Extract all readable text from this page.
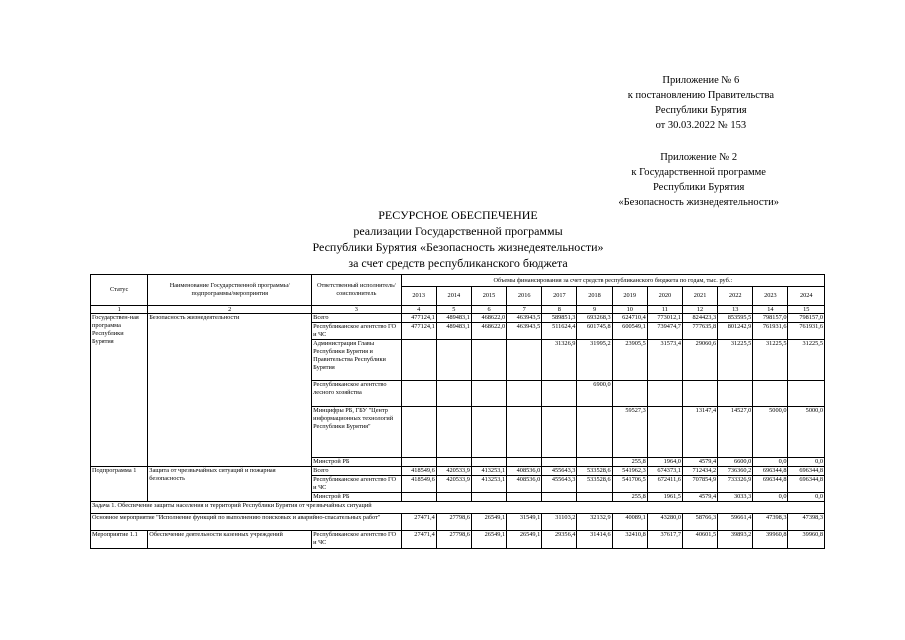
Приложение № 6
к постановлению Правительства
Республики Бурятия
от 30.03.2022 № 153
Приложение № 2
к Государственной программе
Республики Бурятия
«Безопасность жизнедеятельности»
РЕСУРСНОЕ ОБЕСПЕЧЕНИЕ
реализации Государственной программы
Республики Бурятия «Безопасность жизнедеятельности»
за счет средств республиканского бюджета
Статус	Наименование Государственной программы/подпрограммы/мероприятия	Ответственный исполнитель/ соисполнитель	Объемы финансирования за счет средств республиканского бюджета по годам, тыс. руб.:											
			2013	2014	2015	2016	2017	2018	2019	2020	2021	2022	2023	2024
1	2	3	4	5	6	7	8	9	10	11	12	13	14	15
Государствен-ная программа Республики Бурятия	Безопасность жизнедеятельности	Всего	477124,1	489483,1	468622,0	463943,5	589851,3	693268,3	624710,4	773012,1	824423,3	853595,5	798157,0	798157,0
		Республиканское агентство ГО и ЧС	477124,1	489483,1	468622,0	463943,5	511624,4	601745,8	600549,1	739474,7	777635,8	801242,9	761931,6	761931,6
		Администрация Главы Республики Бурятия и Правительства Республики Бурятия					31326,9	31995,2	23905,5	31573,4	29060,6	31225,5	31225,5	31225,5
		Республиканское агентство лесного хозяйства						6900,0						
		Минцифры РБ, ГБУ "Центр информационных технологий Республики Бурятия"							59527,3		13147,4	14527,0	5000,0	5000,0
		Минстрой РБ							255,8	1964,0	4579,4	6600,0	0,0	0,0
Подпрограмма 1	Защита от чрезвычайных ситуаций и пожарная безопасность	Всего	418549,6	420533,9	413253,1	408536,0	455643,3	533528,6	541962,3	674373,1	712434,2	736360,2	696344,8	696344,8
		Республиканское агентство ГО и ЧС	418549,6	420533,9	413253,1	408536,0	455643,3	533528,6	541706,5	672411,6	707854,9	733326,9	696344,8	696344,8
		Минстрой РБ							255,8	1961,5	4579,4	3033,3	0,0	0,0
Задача 1. Обеспечение защиты населения и территорий Республики Бурятия от чрезвычайных ситуаций														
Основное мероприятие "Исполнение функций по выполнению поисковых и аварийно-спасательных работ"			27471,4	27798,6	26549,1	31549,1	31103,2	32132,9	40089,1	43280,0	58766,3	59661,4	47398,3	47398,3
Мероприятие 1.1	Обеспечение деятельности казенных учреждений	Республиканское агентство ГО и ЧС	27471,4	27798,6	26549,1	26549,1	29356,4	31414,6	32410,8	37617,7	40601,5	39893,2	39960,8	39960,8
